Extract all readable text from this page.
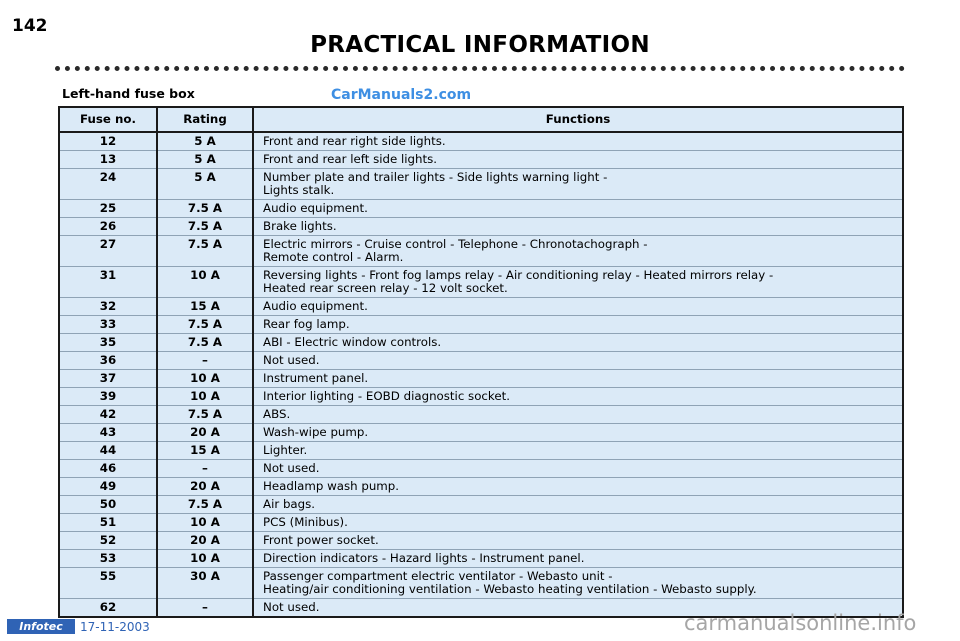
142
PRACTICAL INFORMATION
Left-hand fuse box	CarManuals2.com
Fuse no.	Rating	Functions
12	5 A	Front and rear right side lights.

13	5 A	Front and rear left side lights.

24	5 A	Number plate and trailer lights - Side lights warning light -
Lights stalk.

25	7.5 A	Audio equipment.

26	7.5 A	Brake lights.

27	7.5 A	Electric mirrors - Cruise control - Telephone - Chronotachograph -
Remote control - Alarm.

31	10 A	Reversing lights - Front fog lamps relay - Air conditioning relay - Heated mirrors relay -
Heated rear screen relay - 12 volt socket.

32	15 A	Audio equipment.

33	7.5 A	Rear fog lamp.

35	7.5 A	ABI - Electric window controls.

36	–	Not used.

37	10 A	Instrument panel.

39	10 A	Interior lighting - EOBD diagnostic socket.

42	7.5 A	ABS.

43	20 A	Wash-wipe pump.

44	15 A	Lighter.

46	–	Not used.

49	20 A	Headlamp wash pump.

50	7.5 A	Air bags.

51	10 A	PCS (Minibus).

52	20 A	Front power socket.

53	10 A	Direction indicators - Hazard lights - Instrument panel.

55	30 A	Passenger compartment electric ventilator - Webasto unit -
Heating/air conditioning ventilation - Webasto heating ventilation - Webasto supply.

62	–	Not used.
Infotec	17-11-2003	carmanualsonline.info
